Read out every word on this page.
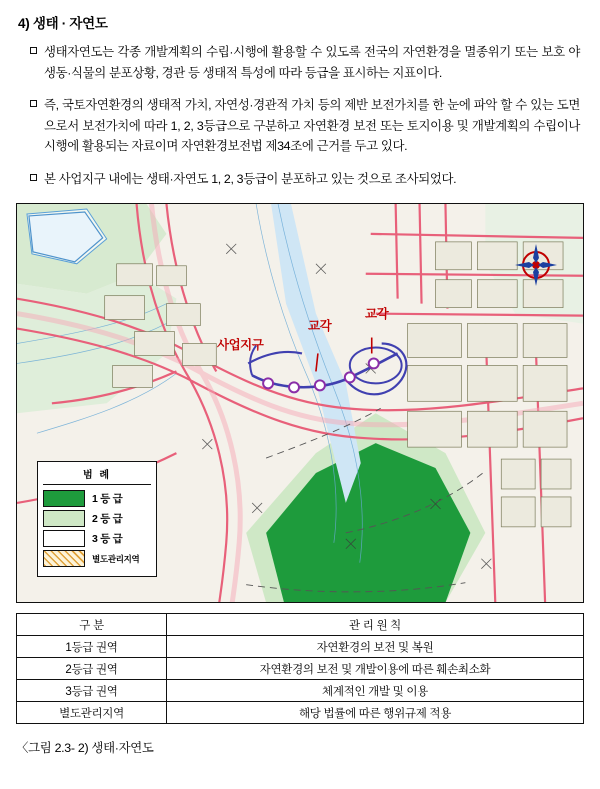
4) 생태 · 자연도
생태자연도는 각종 개발계획의 수립·시행에 활용할 수 있도록 전국의 자연환경을 멸종위기 또는 보호 야생동·식물의 분포상황, 경관 등 생태적 특성에 따라 등급을 표시하는 지표이다.
즉, 국토자연환경의 생태적 가치, 자연성·경관적 가치 등의 제반 보전가치를 한 눈에 파악 할 수 있는 도면으로서 보전가치에 따라 1, 2, 3등급으로 구분하고 자연환경 보전 또는 토지이용 및 개발계획의 수립이나 시행에 활용되는 자료이며 자연환경보전법 제34조에 근거를 두고 있다.
본 사업지구 내에는 생태·자연도 1, 2, 3등급이 분포하고 있는 것으로 조사되었다.
사업지구
교각
교각
범 례
1 등 급
2 등 급
3 등 급
별도관리지역
구 분	관 리 원 칙
1등급 권역	자연환경의 보전 및 복원
2등급 권역	자연환경의 보전 및 개발이용에 따른 훼손최소화
3등급 권역	체계적인 개발 및 이용
별도관리지역	해당 법률에 따른 행위규제 적용
〈그림 2.3- 2) 생태·자연도
